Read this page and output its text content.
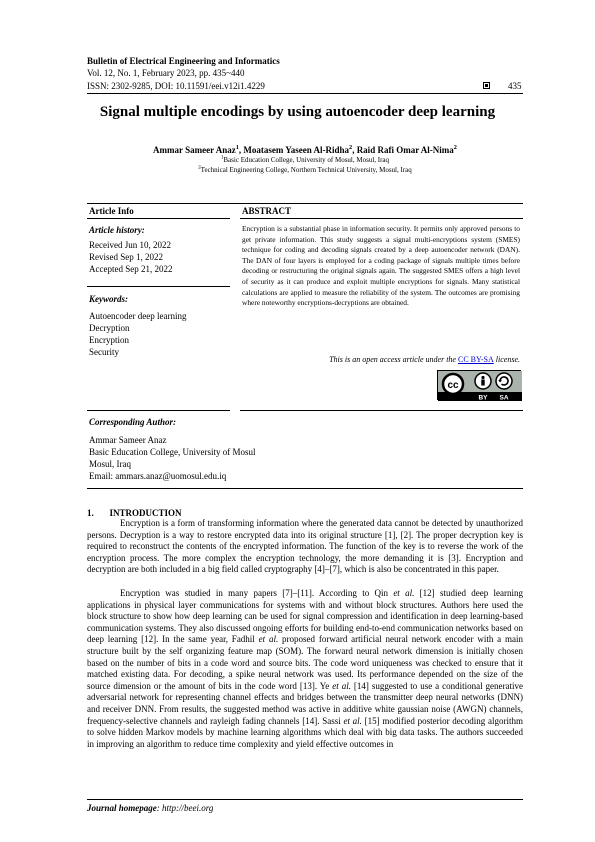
Bulletin of Electrical Engineering and Informatics
Vol. 12, No. 1, February 2023, pp. 435~440
ISSN: 2302-9285, DOI: 10.11591/eei.v12i1.4229	435
Signal multiple encodings by using autoencoder deep learning
Ammar Sameer Anaz$^1$, Moatasem Yaseen Al-Ridha$^2$, Raid Rafi Omar Al-Nima$^2$
$^1$Basic Education College, University of Mosul, Mosul, Iraq
$^2$Technical Engineering College, Northern Technical University, Mosul, Iraq
Article Info	ABSTRACT
Article history:
Received Jun 10, 2022
Revised Sep 1, 2022
Accepted Sep 21, 2022
Keywords:
Autoencoder deep learning
Decryption
Encryption
Security
Encryption is a substantial phase in information security. It permits only approved persons to get private information. This study suggests a signal multi-encryptions system (SMES) technique for coding and decoding signals created by a deep autoencoder network (DAN). The DAN of four layers is employed for a coding package of signals multiple times before decoding or restructuring the original signals again. The suggested SMES offers a high level of security as it can produce and exploit multiple encryptions for signals. Many statistical calculations are applied to measure the reliability of the system. The outcomes are promising where noteworthy encryptions-decryptions are obtained.
This is an open access article under the CC BY-SA license.
cc
BY SA
Corresponding Author:
Ammar Sameer Anaz
Basic Education College, University of Mosul
Mosul, Iraq
Email: ammars.anaz@uomosul.edu.iq
1.       INTRODUCTION
Encryption is a form of transforming information where the generated data cannot be detected by unauthorized persons. Decryption is a way to restore encrypted data into its original structure [1], [2]. The proper decryption key is required to reconstruct the contents of the encrypted information. The function of the key is to reverse the work of the encryption process. The more complex the encryption technology, the more demanding it is [3]. Encryption and decryption are both included in a big field called cryptography [4]–[7], which is also be concentrated in this paper.
Encryption was studied in many papers [7]–[11]. According to Qin et al. [12] studied deep learning applications in physical layer communications for systems with and without block structures. Authors here used the block structure to show how deep learning can be used for signal compression and identification in deep learning-based communication systems. They also discussed ongoing efforts for building end-to-end communication networks based on deep learning [12]. In the same year, Fadhil et al. proposed forward artificial neural network encoder with a main structure built by the self organizing feature map (SOM). The forward neural network dimension is initially chosen based on the number of bits in a code word and source bits. The code word uniqueness was checked to ensure that it matched existing data. For decoding, a spike neural network was used. Its performance depended on the size of the source dimension or the amount of bits in the code word [13]. Ye et al. [14] suggested to use a conditional generative adversarial network for representing channel effects and bridges between the transmitter deep neural networks (DNN) and receiver DNN. From results, the suggested method was active in additive white gaussian noise (AWGN) channels, frequency-selective channels and rayleigh fading channels [14]. Sassi et al. [15] modified posterior decoding algorithm to solve hidden Markov models by machine learning algorithms which deal with big data tasks. The authors succeeded in improving an algorithm to reduce time complexity and yield effective outcomes in
Journal homepage: http://beei.org
